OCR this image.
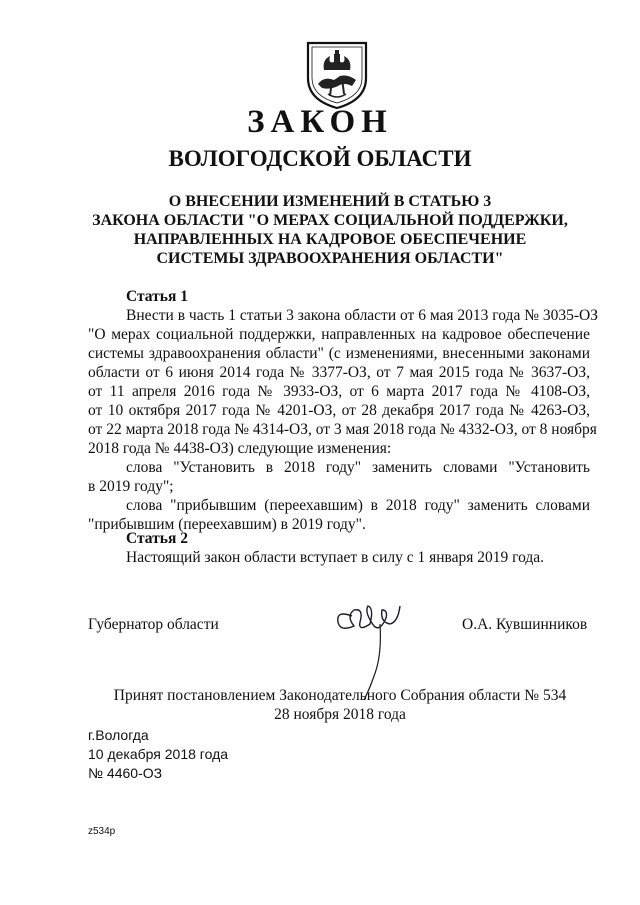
ЗАКОН
ВОЛОГОДСКОЙ ОБЛАСТИ
О ВНЕСЕНИИ ИЗМЕНЕНИЙ В СТАТЬЮ 3
ЗАКОНА ОБЛАСТИ "О МЕРАХ СОЦИАЛЬНОЙ ПОДДЕРЖКИ,
НАПРАВЛЕННЫХ НА КАДРОВОЕ ОБЕСПЕЧЕНИЕ
СИСТЕМЫ ЗДРАВООХРАНЕНИЯ ОБЛАСТИ"
Статья 1
Внести в часть 1 статьи 3 закона области от 6 мая 2013 года № 3035-ОЗ
"О мерах социальной поддержки, направленных на кадровое обеспечение
системы здравоохранения области" (с изменениями, внесенными законами
области от 6 июня 2014 года № 3377-ОЗ, от 7 мая 2015 года № 3637-ОЗ,
от 11 апреля 2016 года № 3933-ОЗ, от 6 марта 2017 года № 4108-ОЗ,
от 10 октября 2017 года № 4201-ОЗ, от 28 декабря 2017 года № 4263-ОЗ,
от 22 марта 2018 года № 4314-ОЗ, от 3 мая 2018 года № 4332-ОЗ, от 8 ноября
2018 года № 4438-ОЗ) следующие изменения:
слова "Установить в 2018 году" заменить словами "Установить
в 2019 году";
слова "прибывшим (переехавшим) в 2018 году" заменить словами
"прибывшим (переехавшим) в 2019 году".
Статья 2
Настоящий закон области вступает в силу с 1 января 2019 года.
Губернатор области	О.А. Кувшинников
Принят постановлением Законодательного Собрания области № 534
28 ноября 2018 года
г.Вологда
10 декабря 2018 года
№ 4460-ОЗ
z534p
